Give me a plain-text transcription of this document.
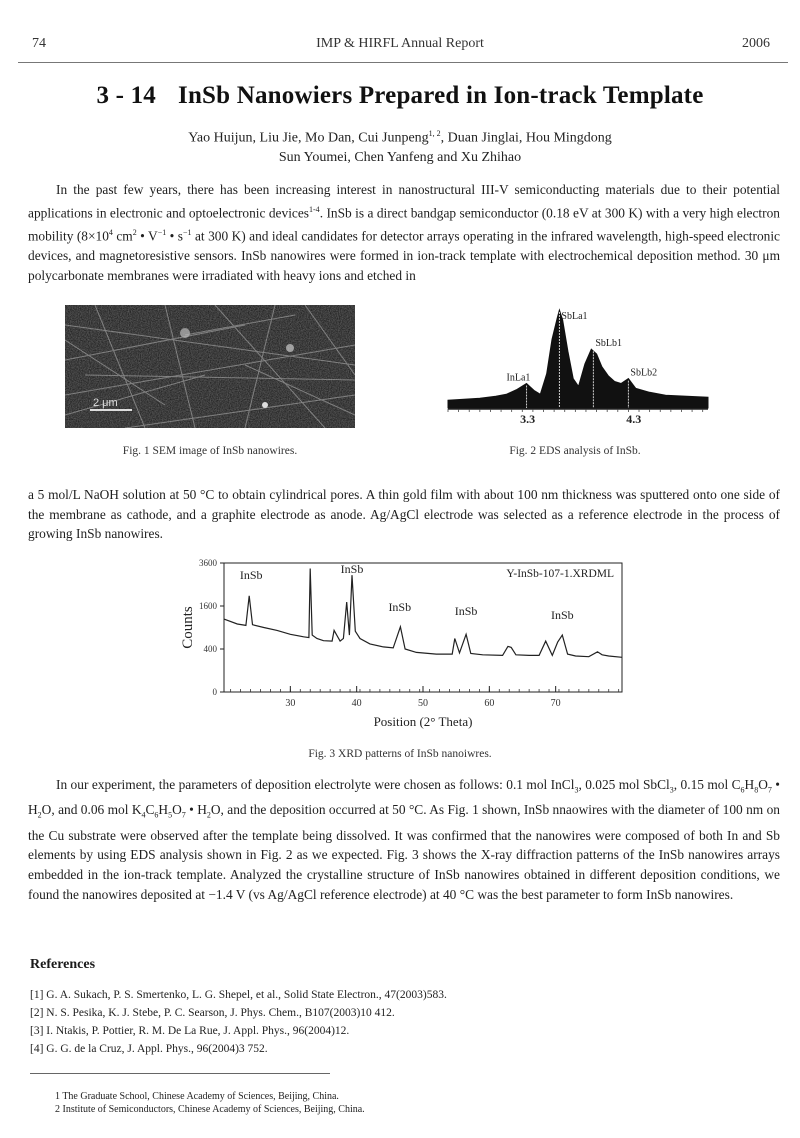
74	IMP & HIRFL Annual Report	2006
3 - 14 InSb Nanowiers Prepared in Ion-track Template
Yao Huijun, Liu Jie, Mo Dan, Cui Junpeng$^{1, 2}$, Duan Jinglai, Hou Mingdong
Sun Youmei, Chen Yanfeng and Xu Zhihao

In the past few years, there has been increasing interest in nanostructural III-V semiconducting materials due to their potential applications in electronic and optoelectronic devices$^{1-4}$. InSb is a direct bandgap semiconductor (0.18 eV at 300 K) with a very high electron mobility ($8\times 10^4$ $cm^2$ • $V^{-1}$ • $s^{-1}$ at 300 K) and ideal candidates for detector arrays operating in the infrared wavelength, high-speed electronic devices, and magnetoresistive sensors. InSb nanowires were formed in ion-track template with electrochemical deposition method. 30 μm polycarbonate membranes were irradiated with heavy ions and etched in

2 μm
Fig. 1 SEM image of InSb nanowires.
3.3	4.3
InLa1
SbLa1
SbLb1
SbLb2
Fig. 2 EDS analysis of InSb.

a 5 mol/L NaOH solution at 50 °C to obtain cylindrical pores. A thin gold film with about 100 nm thickness was sputtered onto one side of the membrane as cathode, and a graphite electrode as anode. Ag/AgCl electrode was selected as a reference electrode in the process of growing InSb nanowires.

0
400
1600
3600
30	40	50	60	70
Position (2° Theta)
Counts
Y-InSb-107-1.XRDML
InSb	InSb
InSb	InSb	InSb
Fig. 3 XRD patterns of InSb nanoiwres.

In our experiment, the parameters of deposition electrolyte were chosen as follows: 0.1 mol InCl$_3$, 0.025 mol SbCl$_3$, 0.15 mol $C_6H_8O_7$ • $H_2O$, and 0.06 mol $K_4C_6H_5O_7$ • $H_2O$, and the deposition occurred at 50 °C. As Fig. 1 shown, InSb nnaowires with the diameter of 100 nm on the Cu substrate were observed after the template being dissolved. It was confirmed that the nanowires were composed of both In and Sb elements by using EDS analysis shown in Fig. 2 as we expected. Fig. 3 shows the X-ray diffraction patterns of the InSb nanowires arrays embedded in the ion-track template. Analyzed the crystalline structure of InSb nanowires obtained in different deposition conditions, we found the nanowires deposited at −1.4 V (vs Ag/AgCl reference electrode) at 40 °C was the best parameter to form InSb nanowires.

References
[1] G. A. Sukach, P. S. Smertenko, L. G. Shepel, et al., Solid State Electron., 47(2003)583.
[2] N. S. Pesika, K. J. Stebe, P. C. Searson, J. Phys. Chem., B107(2003)10 412.
[3] I. Ntakis, P. Pottier, R. M. De La Rue, J. Appl. Phys., 96(2004)12.
[4] G. G. de la Cruz, J. Appl. Phys., 96(2004)3 752.
1 The Graduate School, Chinese Academy of Sciences, Beijing, China.
2 Institute of Semiconductors, Chinese Academy of Sciences, Beijing, China.
